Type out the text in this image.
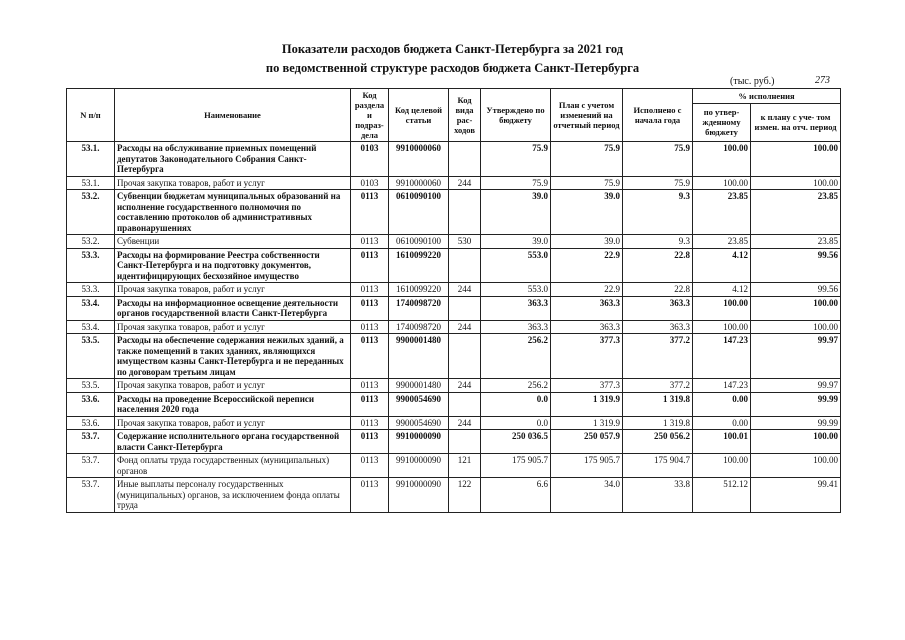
Показатели расходов бюджета Санкт-Петербурга за 2021 год
по ведомственной структуре расходов бюджета Санкт-Петербурга
(тыс. руб.)	273
N п/п	Наименование	Код раздела и подраз- дела	Код целевой статьи	Код вида рас- ходов	Утверждено по бюджету	План с учетом изменений на отчетный период	Исполнено с начала года	% исполнения	
								по утвер- жденному бюджету	к плану с уче- том измен. на отч. период
53.1.	Расходы на обслуживание приемных помещений депутатов Законодательного Собрания Санкт-Петербурга	0103	9910000060		75.9	75.9	75.9	100.00	100.00
53.1.	Прочая закупка товаров, работ и услуг	0103	9910000060	244	75.9	75.9	75.9	100.00	100.00
53.2.	Субвенции бюджетам муниципальных образований на исполнение государственного полномочия по составлению протоколов об административных правонарушениях	0113	0610090100		39.0	39.0	9.3	23.85	23.85
53.2.	Субвенции	0113	0610090100	530	39.0	39.0	9.3	23.85	23.85
53.3.	Расходы на формирование Реестра собственности Санкт-Петербурга и на подготовку документов, идентифицирующих бесхозяйное имущество	0113	1610099220		553.0	22.9	22.8	4.12	99.56
53.3.	Прочая закупка товаров, работ и услуг	0113	1610099220	244	553.0	22.9	22.8	4.12	99.56
53.4.	Расходы на информационное освещение деятельности органов государственной власти Санкт-Петербурга	0113	1740098720		363.3	363.3	363.3	100.00	100.00
53.4.	Прочая закупка товаров, работ и услуг	0113	1740098720	244	363.3	363.3	363.3	100.00	100.00
53.5.	Расходы на обеспечение содержания нежилых зданий, а также помещений в таких зданиях, являющихся имуществом казны Санкт-Петербурга и не переданных по договорам третьим лицам	0113	9900001480		256.2	377.3	377.2	147.23	99.97
53.5.	Прочая закупка товаров, работ и услуг	0113	9900001480	244	256.2	377.3	377.2	147.23	99.97
53.6.	Расходы на проведение Всероссийской переписи населения 2020 года	0113	9900054690		0.0	1 319.9	1 319.8	0.00	99.99
53.6.	Прочая закупка товаров, работ и услуг	0113	9900054690	244	0.0	1 319.9	1 319.8	0.00	99.99
53.7.	Содержание исполнительного органа государственной власти Санкт-Петербурга	0113	9910000090		250 036.5	250 057.9	250 056.2	100.01	100.00
53.7.	Фонд оплаты труда государственных (муниципальных) органов	0113	9910000090	121	175 905.7	175 905.7	175 904.7	100.00	100.00
53.7.	Иные выплаты персоналу государственных (муниципальных) органов, за исключением фонда оплаты труда	0113	9910000090	122	6.6	34.0	33.8	512.12	99.41
